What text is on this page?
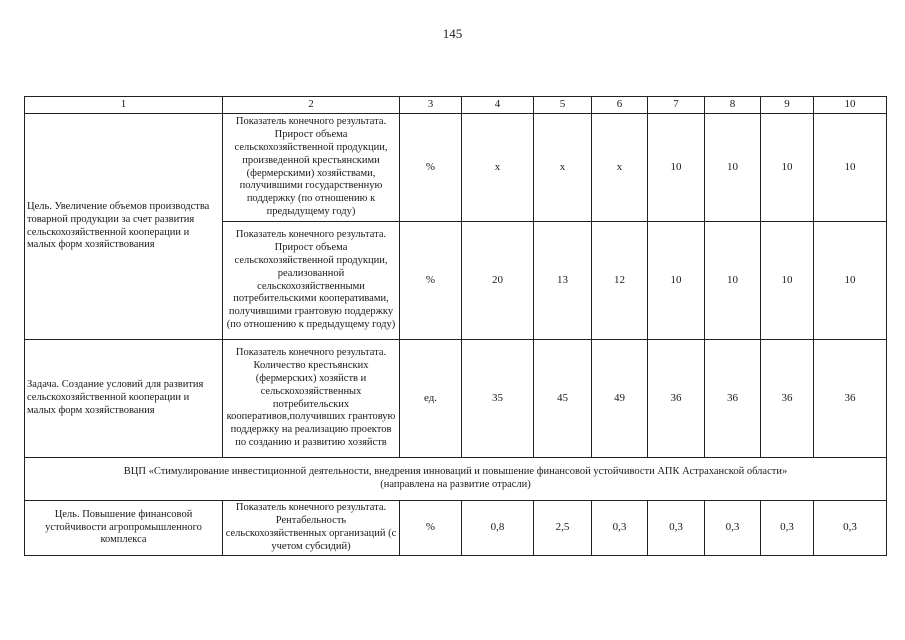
145
1	2	3	4	5	6	7	8	9	10
Цель. Увеличение объемов производства товарной продукции за счет развития сельскохозяйственной кооперации и малых форм хозяйствования	Показатель конечного результата. Прирост объема сельскохозяйственной продукции, произведенной крестьянскими (фермерскими) хозяйствами, получившими государственную поддержку (по отношению к предыдущему году)	%	х	х	х	10	10	10	10
	Показатель конечного результата. Прирост объема сельскохозяйственной продукции, реализованной сельскохозяйственными потребительскими кооперативами, получившими грантовую поддержку (по отношению к предыдущему году)	%	20	13	12	10	10	10	10
Задача. Создание условий для развития сельскохозяйственной кооперации и малых форм хозяйствования	Показатель конечного результата. Количество крестьянских (фермерских) хозяйств и сельскохозяйственных потребительских кооперативов,получивших грантовую поддержку на реализацию проектов по созданию и развитию хозяйств	ед.	35	45	49	36	36	36	36
ВЦП «Стимулирование инвестиционной деятельности, внедрения инноваций и повышение финансовой устойчивости АПК Астраханской области»
(направлена на развитие отрасли)									
Цель. Повышение финансовой устойчивости агропромышленного комплекса	Показатель конечного результата. Рентабельность сельскохозяйственных организаций (с учетом субсидий)	%	0,8	2,5	0,3	0,3	0,3	0,3	0,3
